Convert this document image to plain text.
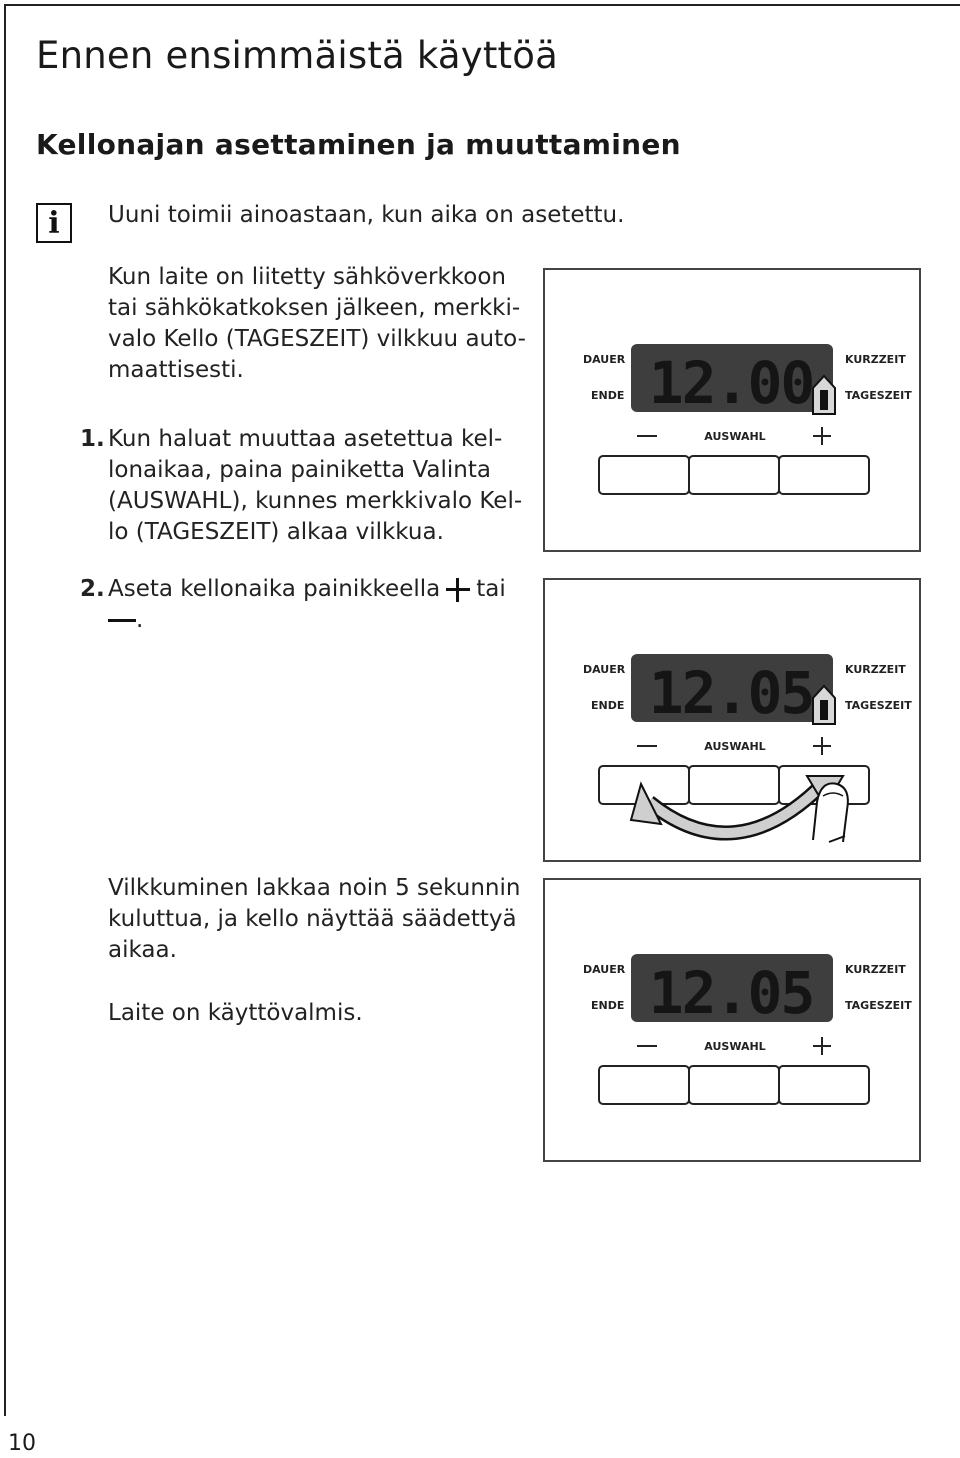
Ennen ensimmäistä käyttöä
Kellonajan asettaminen ja muuttaminen
i	Uuni toimii ainoastaan, kun aika on asetettu.

Kun laite on liitetty sähköverkkoon

tai sähkökatkoksen jälkeen, merkki-

valo Kello (TAGESZEIT) vilkkuu auto-

maattisesti.

1. Kun haluat muuttaa asetettua kel-

lonaikaa, paina painiketta Valinta

(AUSWAHL), kunnes merkkivalo Kel-

lo (TAGESZEIT) alkaa vilkkua.

2. Aseta kellonaika painikkeella tai

.

Vilkkuminen lakkaa noin 5 sekunnin

kuluttua, ja kello näyttää säädettyä

aikaa.

Laite on käyttövalmis.

12.00
DAUER
ENDE
KURZZEIT
TAGESZEIT
AUSWAHL
12.05
DAUER
ENDE
KURZZEIT
TAGESZEIT
AUSWAHL
12.05
DAUER
ENDE
KURZZEIT
TAGESZEIT
AUSWAHL
10
